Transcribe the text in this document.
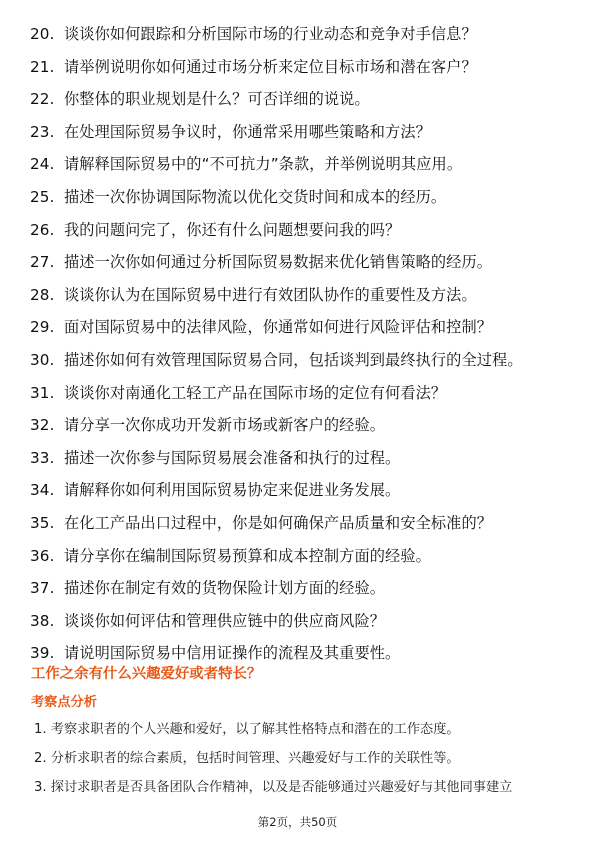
20. 谈谈你如何跟踪和分析国际市场的行业动态和竞争对手信息？
21. 请举例说明你如何通过市场分析来定位目标市场和潜在客户？
22. 你整体的职业规划是什么？可否详细的说说。
23. 在处理国际贸易争议时，你通常采用哪些策略和方法？
24. 请解释国际贸易中的“不可抗力”条款，并举例说明其应用。
25. 描述一次你协调国际物流以优化交货时间和成本的经历。
26. 我的问题问完了，你还有什么问题想要问我的吗？
27. 描述一次你如何通过分析国际贸易数据来优化销售策略的经历。
28. 谈谈你认为在国际贸易中进行有效团队协作的重要性及方法。
29. 面对国际贸易中的法律风险，你通常如何进行风险评估和控制？
30. 描述你如何有效管理国际贸易合同，包括谈判到最终执行的全过程。
31. 谈谈你对南通化工轻工产品在国际市场的定位有何看法？
32. 请分享一次你成功开发新市场或新客户的经验。
33. 描述一次你参与国际贸易展会准备和执行的过程。
34. 请解释你如何利用国际贸易协定来促进业务发展。
35. 在化工产品出口过程中，你是如何确保产品质量和安全标准的？
36. 请分享你在编制国际贸易预算和成本控制方面的经验。
37. 描述你在制定有效的货物保险计划方面的经验。
38. 谈谈你如何评估和管理供应链中的供应商风险？
39. 请说明国际贸易中信用证操作的流程及其重要性。
工作之余有什么兴趣爱好或者特长？
考察点分析
1. 考察求职者的个人兴趣和爱好，以了解其性格特点和潜在的工作态度。
2. 分析求职者的综合素质，包括时间管理、兴趣爱好与工作的关联性等。
3. 探讨求职者是否具备团队合作精神，以及是否能够通过兴趣爱好与其他同事建立
第2页，共50页
